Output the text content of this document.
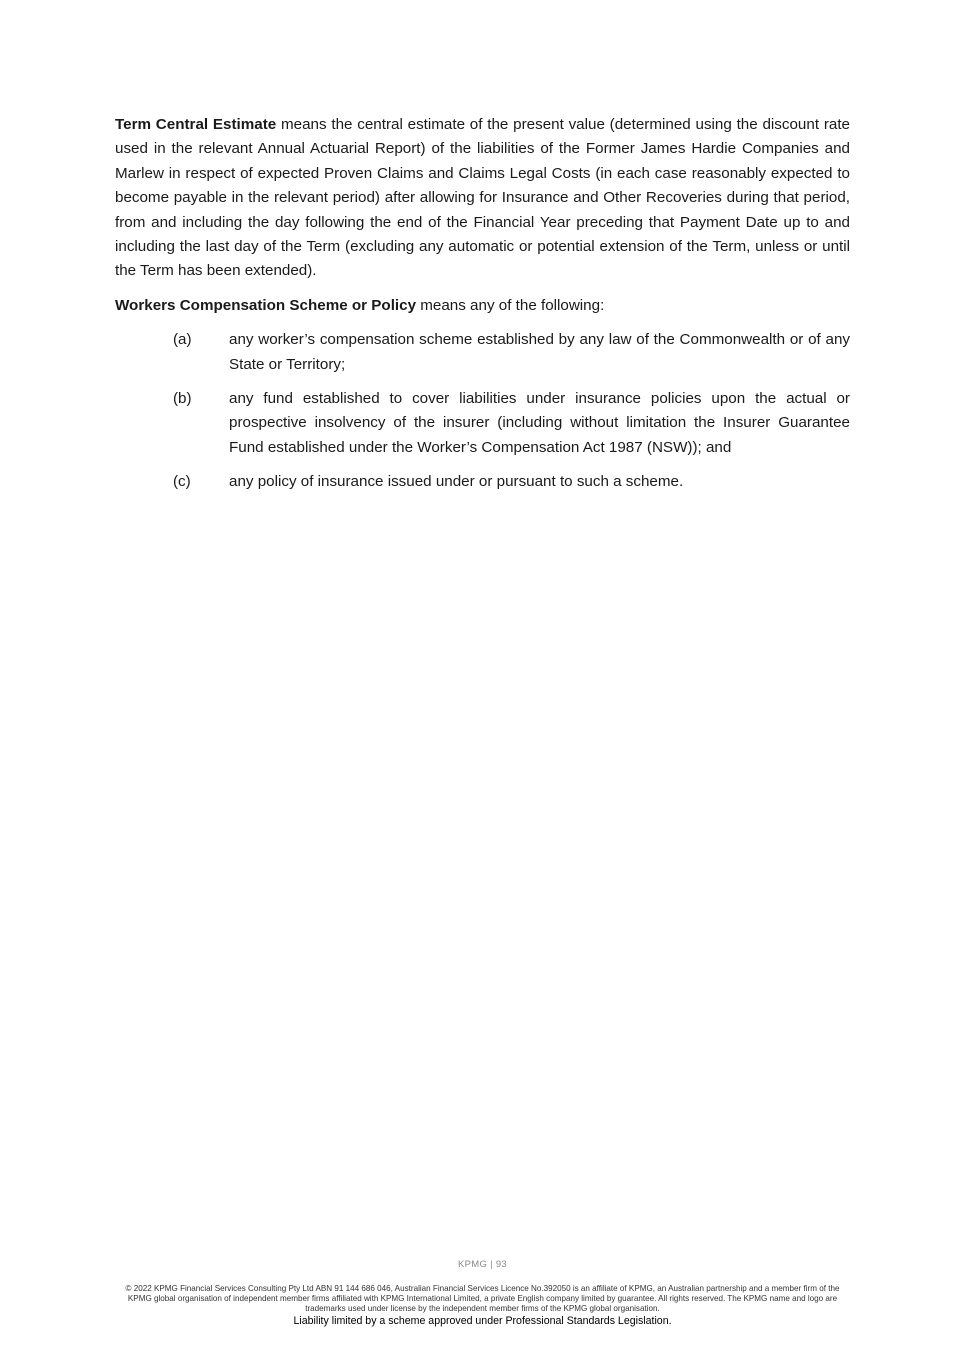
Term Central Estimate means the central estimate of the present value (determined using the discount rate used in the relevant Annual Actuarial Report) of the liabilities of the Former James Hardie Companies and Marlew in respect of expected Proven Claims and Claims Legal Costs (in each case reasonably expected to become payable in the relevant period) after allowing for Insurance and Other Recoveries during that period, from and including the day following the end of the Financial Year preceding that Payment Date up to and including the last day of the Term (excluding any automatic or potential extension of the Term, unless or until the Term has been extended).

Workers Compensation Scheme or Policy means any of the following:

(a)	any worker’s compensation scheme established by any law of the Commonwealth or of any State or Territory;
(b)	any fund established to cover liabilities under insurance policies upon the actual or prospective insolvency of the insurer (including without limitation the Insurer Guarantee Fund established under the Worker’s Compensation Act 1987 (NSW)); and
(c)	any policy of insurance issued under or pursuant to such a scheme.
KPMG | 93
© 2022 KPMG Financial Services Consulting Pty Ltd ABN 91 144 686 046, Australian Financial Services Licence No.392050 is an affiliate of KPMG, an Australian partnership and a member firm of the KPMG global organisation of independent member firms affiliated with KPMG International Limited, a private English company limited by guarantee. All rights reserved. The KPMG name and logo are trademarks used under license by the independent member firms of the KPMG global organisation.
Liability limited by a scheme approved under Professional Standards Legislation.
